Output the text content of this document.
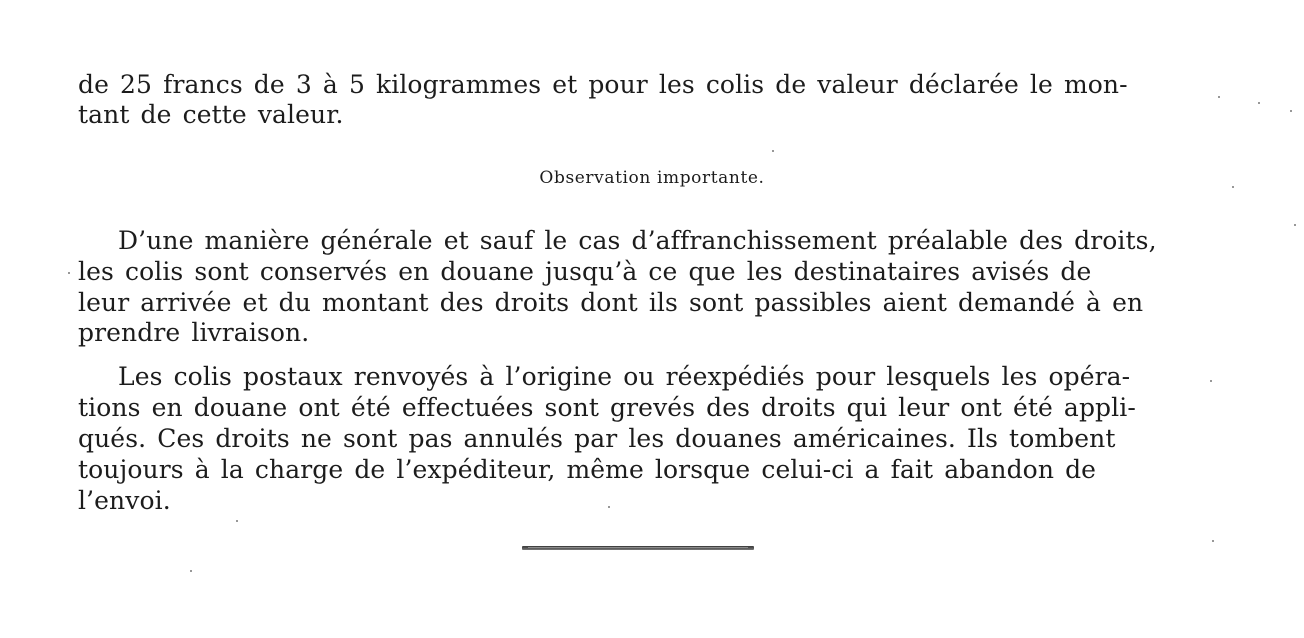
de 25 francs de 3 à 5 kilogrammes et pour les colis de valeur déclarée le mon-
tant de cette valeur.
Observation importante.
D’une manière générale et sauf le cas d’affranchissement préalable des droits,
les colis sont conservés en douane jusqu’à ce que les destinataires avisés de
leur arrivée et du montant des droits dont ils sont passibles aient demandé à en
prendre livraison.
Les colis postaux renvoyés à l’origine ou réexpédiés pour lesquels les opéra-
tions en douane ont été effectuées sont grevés des droits qui leur ont été appli-
qués. Ces droits ne sont pas annulés par les douanes américaines. Ils tombent
toujours à la charge de l’expéditeur, même lorsque celui-ci a fait abandon de
l’envoi.
